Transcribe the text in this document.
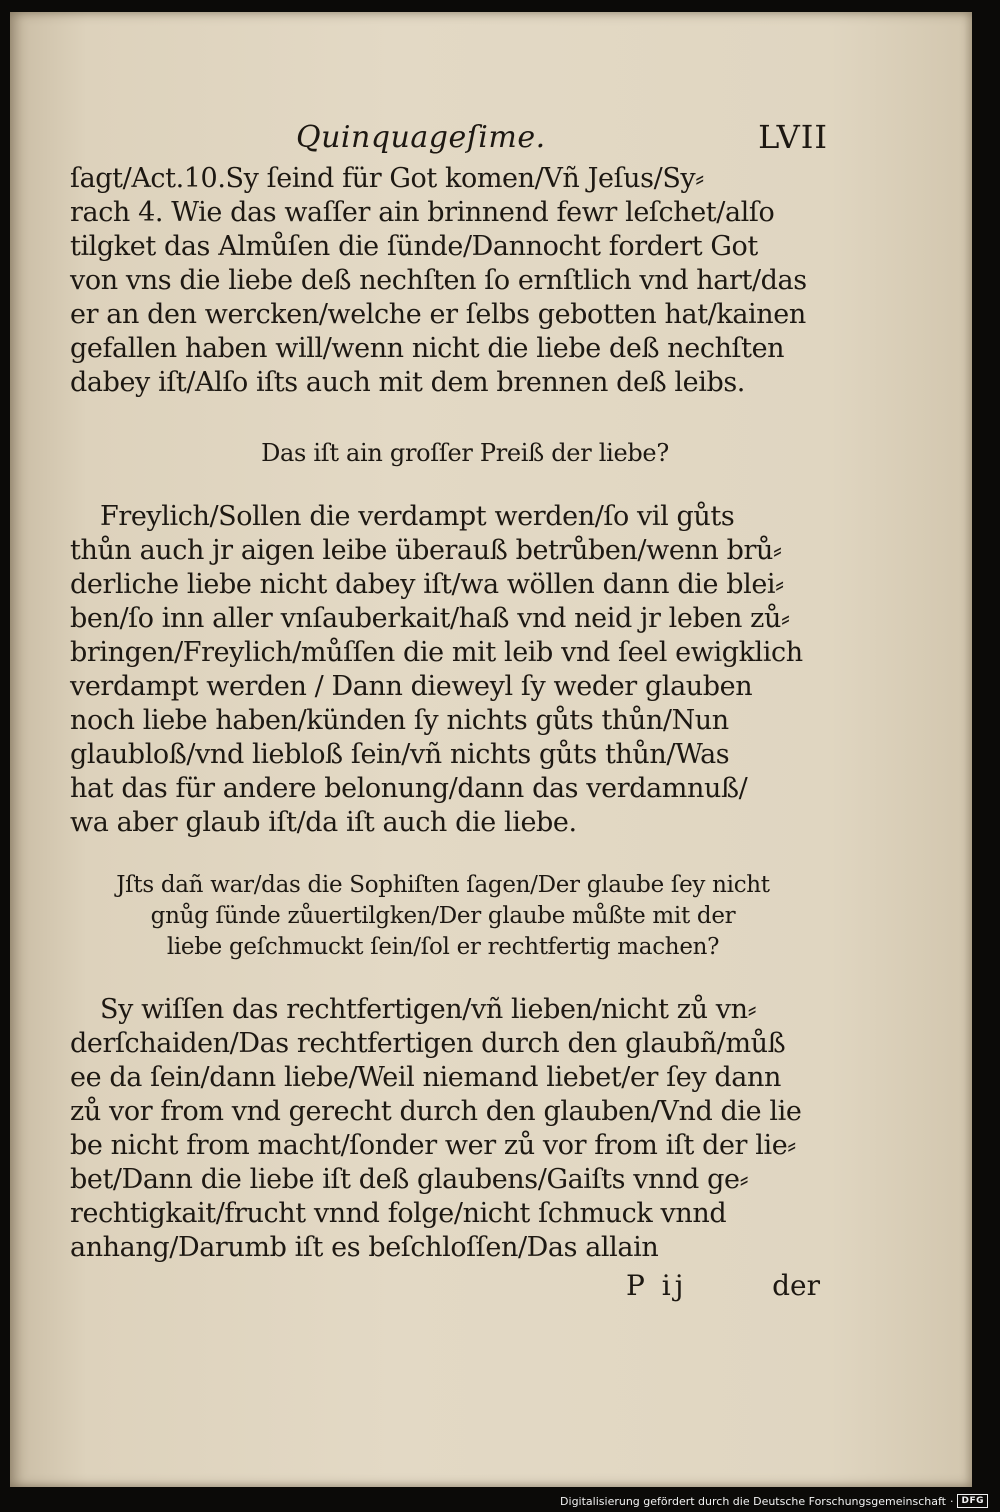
Quinquageſime.	LVII

ſagt/Act.10.Sy ſeind für Got komen/Vñ Jeſus/Sy⸗
rach 4. Wie das waſſer ain brinnend fewr leſchet/alſo
tilgket das Almůſen die ſünde/Dannocht fordert Got
von vns die liebe deß nechſten ſo ernſtlich vnd hart/das
er an den wercken/welche er ſelbs gebotten hat/kainen
gefallen haben will/wenn nicht die liebe deß nechſten
dabey iſt/Alſo iſts auch mit dem brennen deß leibs.

Das iſt ain groſſer Preiß der liebe?

Freylich/Sollen die verdampt werden/ſo vil gůts
thůn auch jr aigen leibe überauß betrůben/wenn brů⸗
derliche liebe nicht dabey iſt/wa wöllen dann die blei⸗
ben/ſo inn aller vnſauberkait/haß vnd neid jr leben zů⸗
bringen/Freylich/můſſen die mit leib vnd ſeel ewigklich
verdampt werden / Dann dieweyl ſy weder glauben
noch liebe haben/künden ſy nichts gůts thůn/Nun
glaubloß/vnd liebloß ſein/vñ nichts gůts thůn/Was
hat das für andere belonung/dann das verdamnuß/
wa aber glaub iſt/da iſt auch die liebe.

Jſts dañ war/das die Sophiſten ſagen/Der glaube ſey nicht
gnůg ſünde zůuertilgken/Der glaube můßte mit der
liebe geſchmuckt ſein/ſol er rechtfertig machen?

Sy wiſſen das rechtfertigen/vñ lieben/nicht zů vn⸗
derſchaiden/Das rechtfertigen durch den glaubñ/můß
ee da ſein/dann liebe/Weil niemand liebet/er ſey dann
zů vor from vnd gerecht durch den glauben/Vnd die lie
be nicht from macht/ſonder wer zů vor from iſt der lie⸗
bet/Dann die liebe iſt deß glaubens/Gaiſts vnnd ge⸗
rechtigkait/frucht vnnd folge/nicht ſchmuck vnnd
anhang/Darumb iſt es beſchloſſen/Das allain

P ij	der
Digitalisierung gefördert durch die Deutsche Forschungsgemeinschaft · DFG
